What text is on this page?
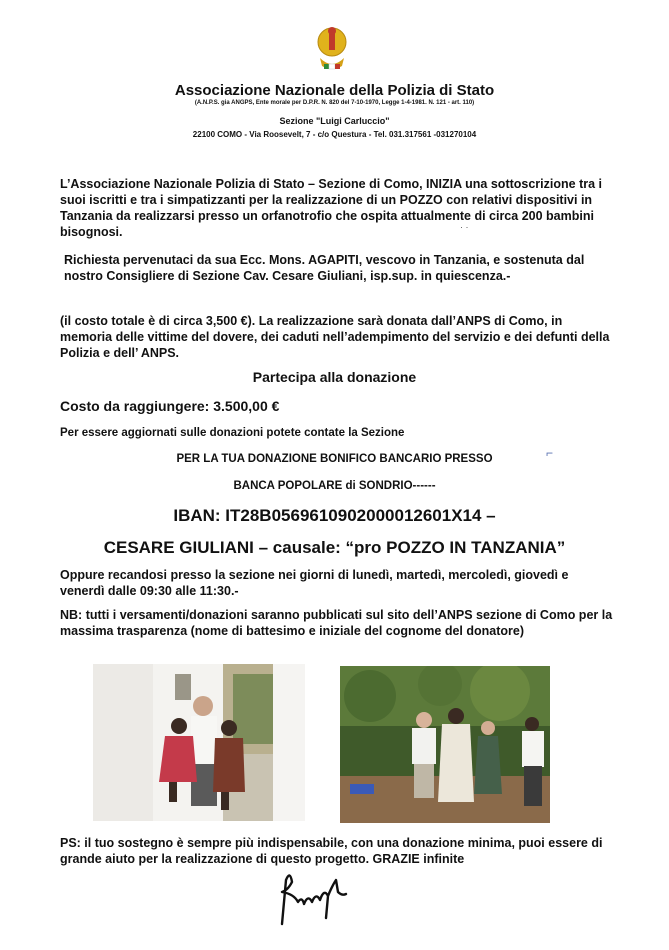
Associazione Nazionale della Polizia di Stato
(A.N.P.S. gia ANGPS, Ente morale per D.P.R. N. 820 del 7-10-1970, Legge 1-4-1981. N. 121 - art. 110)
Sezione "Luigi Carluccio"
22100 COMO - Via Roosevelt, 7 - c/o Questura - Tel. 031.317561 -031270104
L’Associazione Nazionale Polizia di Stato – Sezione di Como, INIZIA una sottoscrizione tra i suoi iscritti e tra i simpatizzanti per la realizzazione di un POZZO con relativi dispositivi in Tanzania da realizzarsi presso un orfanotrofio che ospita attualmente di circa 200 bambini bisognosi.	· ·
Richiesta pervenutaci da sua Ecc. Mons. AGAPITI, vescovo in Tanzania, e sostenuta dal nostro Consigliere di Sezione Cav. Cesare Giuliani, isp.sup. in quiescenza.-
(il costo totale è di circa 3,500 €). La realizzazione sarà donata dall’ANPS di Como, in memoria delle vittime del dovere, dei caduti nell’adempimento del servizio e dei defunti della Polizia e dell’ ANPS.
Partecipa alla donazione
Costo da raggiungere: 3.500,00 €
Per essere aggiornati sulle donazioni potete contate la Sezione
PER LA TUA DONAZIONE BONIFICO BANCARIO PRESSO	⌐
BANCA POPOLARE di SONDRIO------
IBAN: IT28B0569610902000012601X14 –
CESARE GIULIANI – causale: “pro POZZO IN TANZANIA”
Oppure recandosi presso la sezione nei giorni di lunedì, martedì, mercoledì, giovedì e venerdì dalle 09:30 alle 11:30.-
NB: tutti i versamenti/donazioni saranno pubblicati sul sito dell’ANPS sezione di Como per la massima trasparenza (nome di battesimo e iniziale del cognome del donatore)
PS: il tuo sostegno è sempre più indispensabile, con una donazione minima, puoi essere di grande aiuto per la realizzazione di questo progetto. GRAZIE infinite
